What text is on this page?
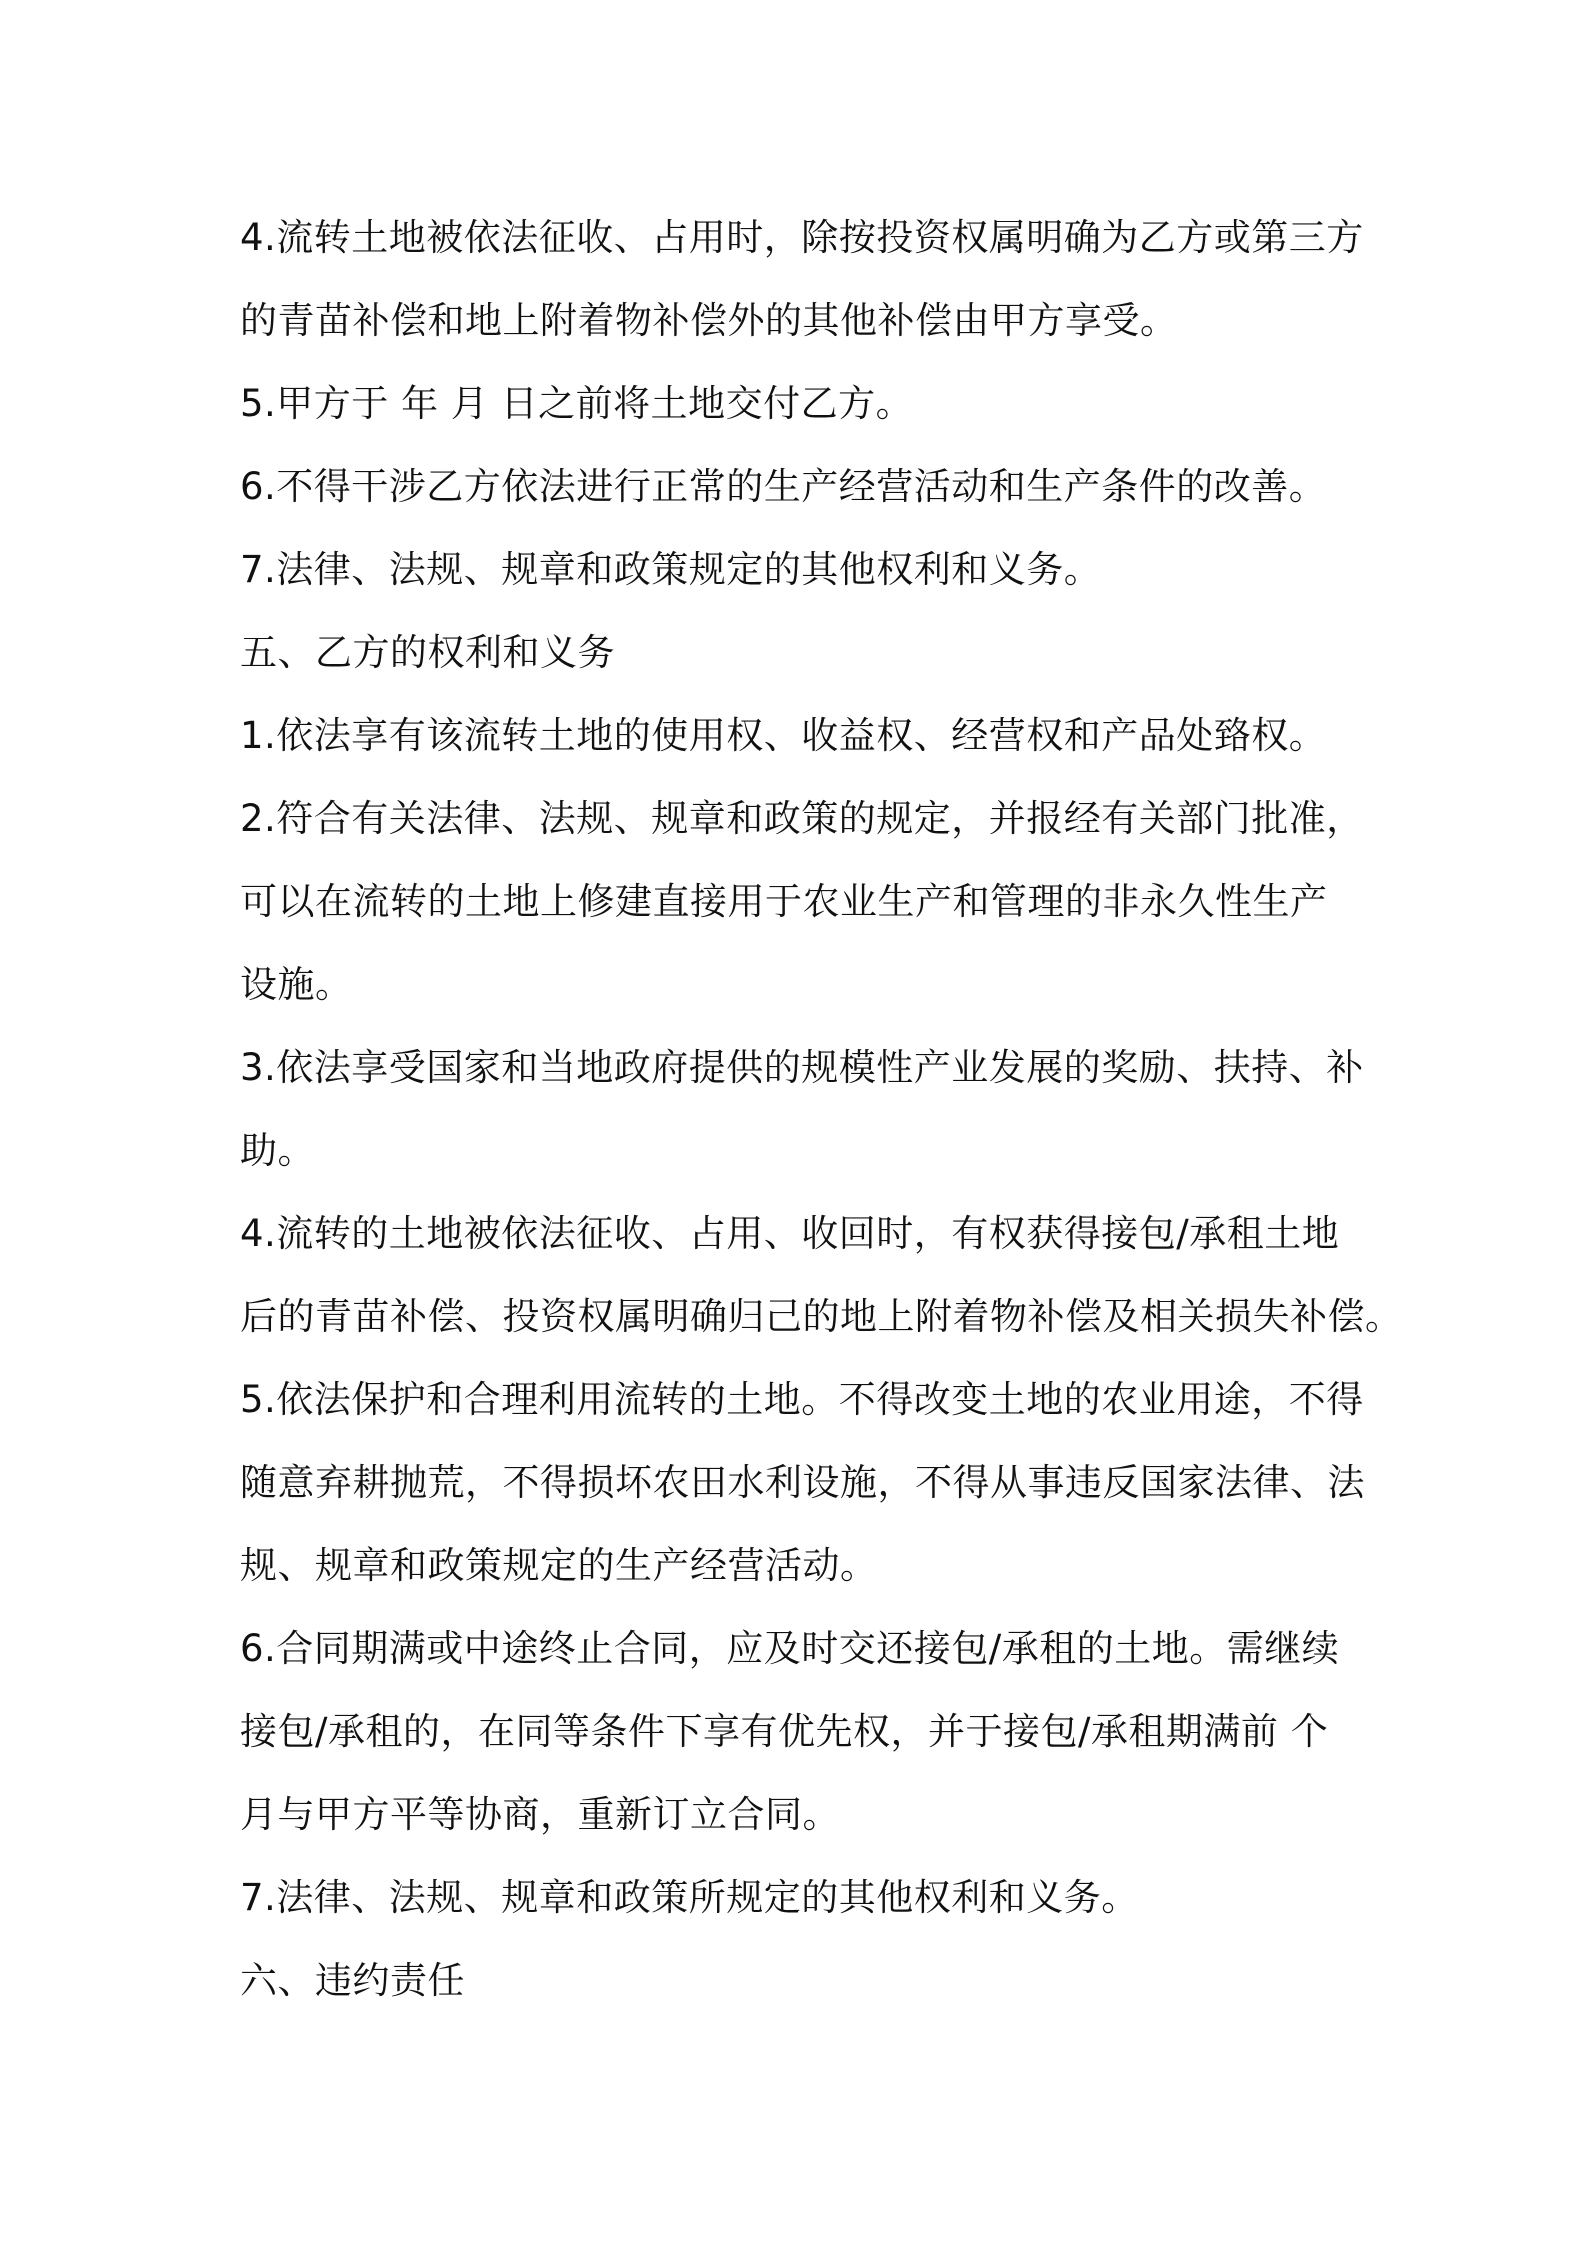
4.流转土地被依法征收、占用时，除按投资权属明确为乙方或第三方
的青苗补偿和地上附着物补偿外的其他补偿由甲方享受。
5.甲方于 年 月 日之前将土地交付乙方。
6.不得干涉乙方依法进行正常的生产经营活动和生产条件的改善。
7.法律、法规、规章和政策规定的其他权利和义务。
五、乙方的权利和义务
1.依法享有该流转土地的使用权、收益权、经营权和产品处臵权。
2.符合有关法律、法规、规章和政策的规定，并报经有关部门批准，
可以在流转的土地上修建直接用于农业生产和管理的非永久性生产
设施。
3.依法享受国家和当地政府提供的规模性产业发展的奖励、扶持、补
助。
4.流转的土地被依法征收、占用、收回时，有权获得接包/承租土地
后的青苗补偿、投资权属明确归己的地上附着物补偿及相关损失补偿。
5.依法保护和合理利用流转的土地。不得改变土地的农业用途，不得
随意弃耕抛荒，不得损坏农田水利设施，不得从事违反国家法律、法
规、规章和政策规定的生产经营活动。
6.合同期满或中途终止合同，应及时交还接包/承租的土地。需继续
接包/承租的，在同等条件下享有优先权，并于接包/承租期满前 个
月与甲方平等协商，重新订立合同。
7.法律、法规、规章和政策所规定的其他权利和义务。
六、违约责任
